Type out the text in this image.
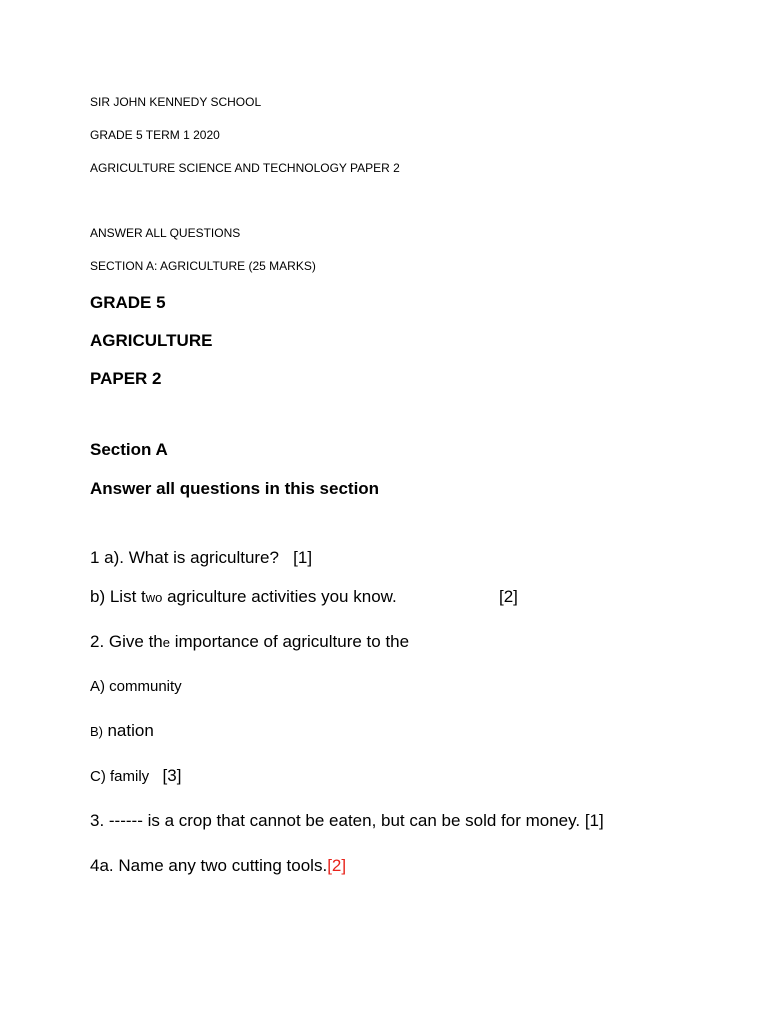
SIR JOHN KENNEDY SCHOOL
GRADE 5 TERM 1 2020
AGRICULTURE SCIENCE AND TECHNOLOGY PAPER 2
ANSWER ALL QUESTIONS
SECTION A: AGRICULTURE (25 MARKS)
GRADE 5
AGRICULTURE
PAPER 2
Section A
Answer all questions in this section
1 a). What is agriculture? [1]
b) List two agriculture activities you know.	[2]
2. Give the importance of agriculture to the
A) community
B) nation
C) family [3]
3. ------ is a crop that cannot be eaten, but can be sold for money. [1]
4a. Name any two cutting tools.[2]
